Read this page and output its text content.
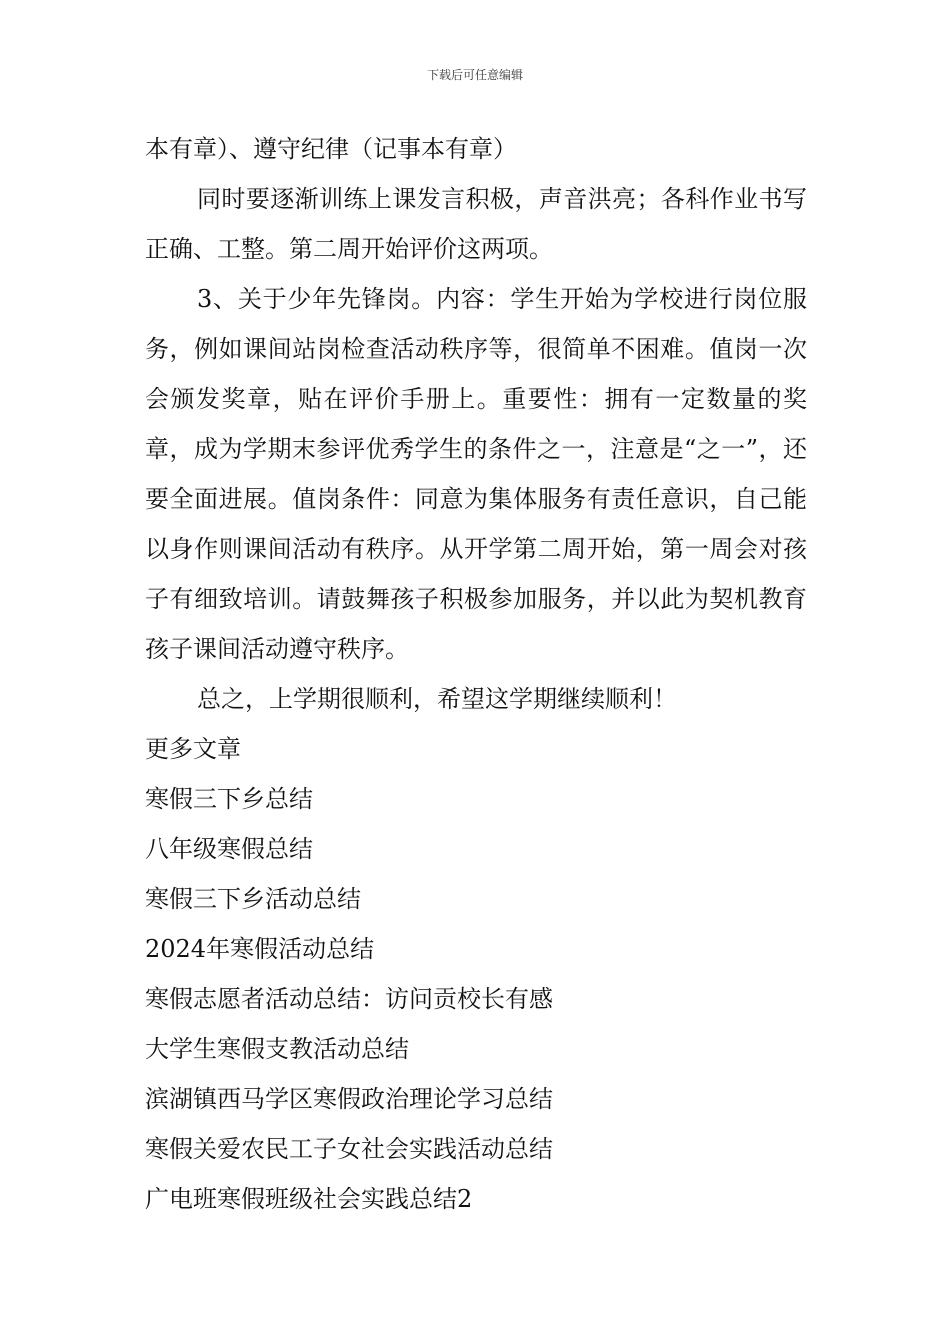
下载后可任意编辑

本有章）、遵守纪律（记事本有章）

同时要逐渐训练上课发言积极，声音洪亮；各科作业书写正确、工整。第二周开始评价这两项。

3、关于少年先锋岗。内容：学生开始为学校进行岗位服务，例如课间站岗检查活动秩序等，很简单不困难。值岗一次会颁发奖章，贴在评价手册上。重要性：拥有一定数量的奖章，成为学期末参评优秀学生的条件之一，注意是“之一”，还要全面进展。值岗条件：同意为集体服务有责任意识，自己能以身作则课间活动有秩序。从开学第二周开始，第一周会对孩子有细致培训。请鼓舞孩子积极参加服务，并以此为契机教育孩子课间活动遵守秩序。

总之，上学期很顺利，希望这学期继续顺利！

更多文章

寒假三下乡总结
八年级寒假总结
寒假三下乡活动总结
2024年寒假活动总结
寒假志愿者活动总结：访问贡校长有感
大学生寒假支教活动总结
滨湖镇西马学区寒假政治理论学习总结
寒假关爱农民工子女社会实践活动总结
广电班寒假班级社会实践总结2
